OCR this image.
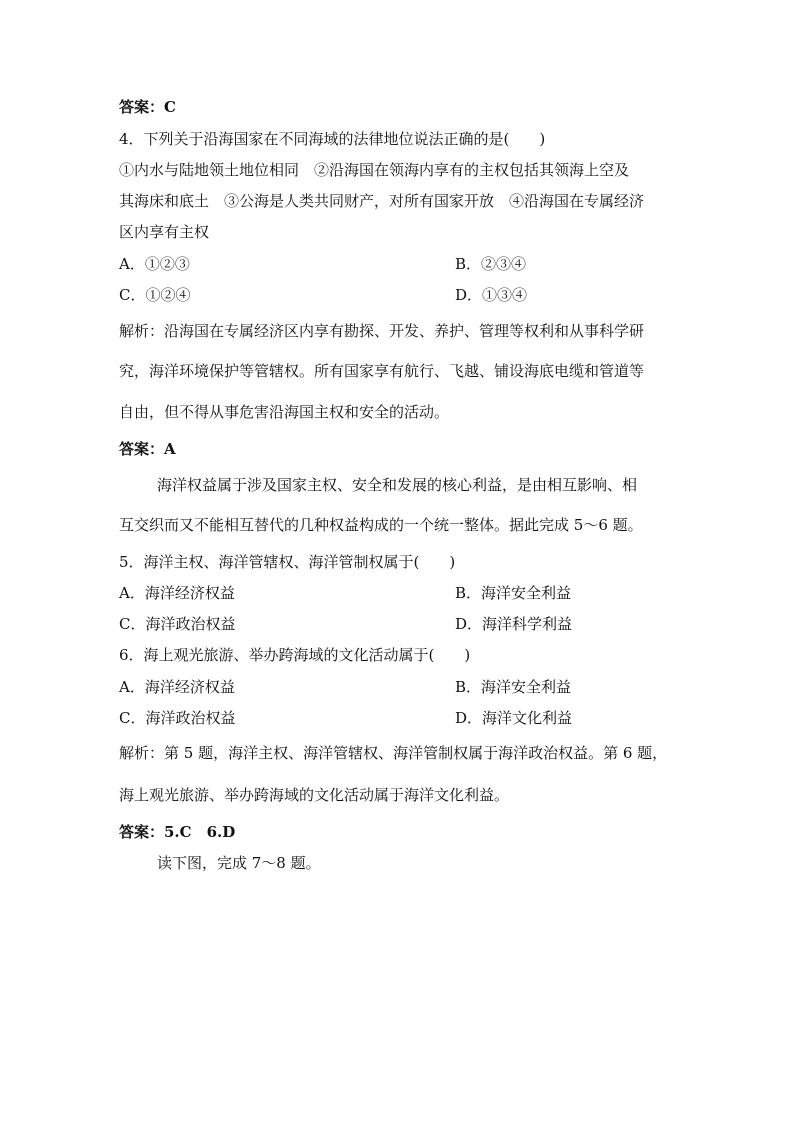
答案：C
4．下列关于沿海国家在不同海域的法律地位说法正确的是(　　)
①内水与陆地领土地位相同　②沿海国在领海内享有的主权包括其领海上空及
其海床和底土　③公海是人类共同财产，对所有国家开放　④沿海国在专属经济
区内享有主权
A．①②③	B．②③④
C．①②④	D．①③④
解析：沿海国在专属经济区内享有勘探、开发、养护、管理等权利和从事科学研
究，海洋环境保护等管辖权。所有国家享有航行、飞越、铺设海底电缆和管道等
自由，但不得从事危害沿海国主权和安全的活动。
答案：A
海洋权益属于涉及国家主权、安全和发展的核心利益，是由相互影响、相
互交织而又不能相互替代的几种权益构成的一个统一整体。据此完成 5～6 题。
5．海洋主权、海洋管辖权、海洋管制权属于(　　)
A．海洋经济权益	B．海洋安全利益
C．海洋政治权益	D．海洋科学利益
6．海上观光旅游、举办跨海域的文化活动属于(　　)
A．海洋经济权益	B．海洋安全利益
C．海洋政治权益	D．海洋文化利益
解析：第 5 题，海洋主权、海洋管辖权、海洋管制权属于海洋政治权益。第 6 题，
海上观光旅游、举办跨海域的文化活动属于海洋文化利益。
答案：5.C　6.D
读下图，完成 7～8 题。
